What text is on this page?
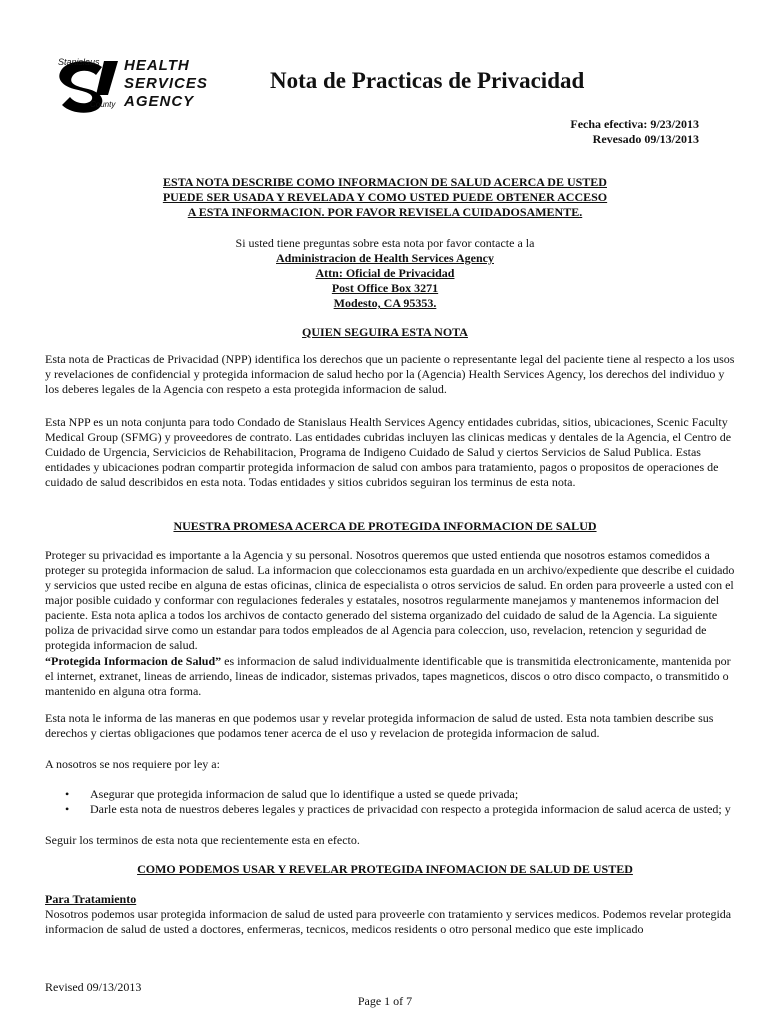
Stanislaus
County
HEALTH
SERVICES
AGENCY
Nota de Practicas de Privacidad
Fecha efectiva: 9/23/2013
Revesado 09/13/2013
ESTA NOTA DESCRIBE COMO INFORMACION DE SALUD ACERCA DE USTED
PUEDE SER USADA Y REVELADA Y COMO USTED PUEDE OBTENER ACCESO
A ESTA INFORMACION. POR FAVOR REVISELA CUIDADOSAMENTE.
Si usted tiene preguntas sobre esta nota por favor contacte a la
Administracion de Health Services Agency
Attn: Oficial de Privacidad
Post Office Box 3271
Modesto, CA 95353.
QUIEN SEGUIRA ESTA NOTA
Esta nota de Practicas de Privacidad (NPP) identifica los derechos que un paciente o representante legal del paciente tiene al respecto a los usos y revelaciones de confidencial y protegida informacion de salud hecho por la (Agencia) Health Services Agency, los derechos del individuo y los deberes legales de la Agencia con respeto a esta protegida informacion de salud.
Esta NPP es un nota conjunta para todo Condado de Stanislaus Health Services Agency entidades cubridas, sitios, ubicaciones, Scenic Faculty Medical Group (SFMG) y proveedores de contrato. Las entidades cubridas incluyen las clinicas medicas y dentales de la Agencia, el Centro de Cuidado de Urgencia, Servicicios de Rehabilitacion, Programa de Indigeno Cuidado de Salud y ciertos Servicios de Salud Publica. Estas entidades y ubicaciones podran compartir protegida informacion de salud con ambos para tratamiento, pagos o propositos de operaciones de cuidado de salud describidos en esta nota. Todas entidades y sitios cubridos seguiran los terminus de esta nota.
NUESTRA PROMESA ACERCA DE PROTEGIDA INFORMACION DE SALUD
Proteger su privacidad es importante a la Agencia y su personal. Nosotros queremos que usted entienda que nosotros estamos comedidos a proteger su protegida informacion de salud. La informacion que coleccionamos esta guardada en un archivo/expediente que describe el cuidado y servicios que usted recibe en alguna de estas oficinas, clinica de especialista o otros servicios de salud. En orden para proveerle a usted con el major posible cuidado y conformar con regulaciones federales y estatales, nosotros regularmente manejamos y mantenemos informacion del paciente. Esta nota aplica a todos los archivos de contacto generado del sistema organizado del cuidado de salud de la Agencia. La siguiente poliza de privacidad sirve como un estandar para todos empleados de al Agencia para coleccion, uso, revelacion, retencion y seguridad de protegida informacion de salud.
“Protegida Informacion de Salud” es informacion de salud individualmente identificable que is transmitida electronicamente, mantenida por el internet, extranet, lineas de arriendo, lineas de indicador, sistemas privados, tapes magneticos, discos o otro disco compacto, o transmitido o mantenido en alguna otra forma.
Esta nota le informa de las maneras en que podemos usar y revelar protegida informacion de salud de usted. Esta nota tambien describe sus derechos y ciertas obligaciones que podamos tener acerca de el uso y revelacion de protegida informacion de salud.
A nosotros se nos requiere por ley a:
• Asegurar que protegida informacion de salud que lo identifique a usted se quede privada;
• Darle esta nota de nuestros deberes legales y practices de privacidad con respecto a protegida informacion de salud acerca de usted; y
Seguir los terminos de esta nota que recientemente esta en efecto.
COMO PODEMOS USAR Y REVELAR PROTEGIDA INFOMACION DE SALUD DE USTED
Para Tratamiento
Nosotros podemos usar protegida informacion de salud de usted para proveerle con tratamiento y services medicos. Podemos revelar protegida informacion de salud de usted a doctores, enfermeras, tecnicos, medicos residents o otro personal medico que este implicado
Revised 09/13/2013
Page 1 of 7
